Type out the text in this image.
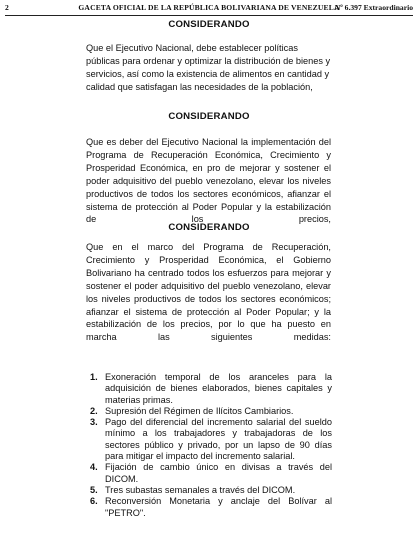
2	GACETA OFICIAL DE LA REPÚBLICA BOLIVARIANA DE VENEZUELA
Nº 6.397 Extraordinario
CONSIDERANDO

Que el Ejecutivo Nacional, debe establecer políticas públicas para ordenar y optimizar la distribución de bienes y servicios, así como la existencia de alimentos en cantidad y calidad que satisfagan las necesidades de la población,

CONSIDERANDO

Que es deber del Ejecutivo Nacional la implementación del Programa de Recuperación Económica, Crecimiento y Prosperidad Económica, en pro de mejorar y sostener el poder adquisitivo del pueblo venezolano, elevar los niveles productivos de todos los sectores económicos, afianzar el sistema de protección al Poder Popular y la estabilización de los precios,

CONSIDERANDO

Que en el marco del Programa de Recuperación, Crecimiento y Prosperidad Económica, el Gobierno Bolivariano ha centrado todos los esfuerzos para mejorar y sostener el poder adquisitivo del pueblo venezolano, elevar los niveles productivos de todos los sectores económicos; afianzar el sistema de protección al Poder Popular; y la estabilización de los precios, por lo que ha puesto en marcha las siguientes medidas:

1. Exoneración temporal de los aranceles para la adquisición de bienes elaborados, bienes capitales y materias primas.
2. Supresión del Régimen de Ilícitos Cambiarios.
3. Pago del diferencial del incremento salarial del sueldo mínimo a los trabajadores y trabajadoras de los sectores público y privado, por un lapso de 90 días para mitigar el impacto del incremento salarial.
4. Fijación de cambio único en divisas a través del DICOM.
5. Tres subastas semanales a través del DICOM.
6. Reconversión Monetaria y anclaje del Bolívar al "PETRO".
